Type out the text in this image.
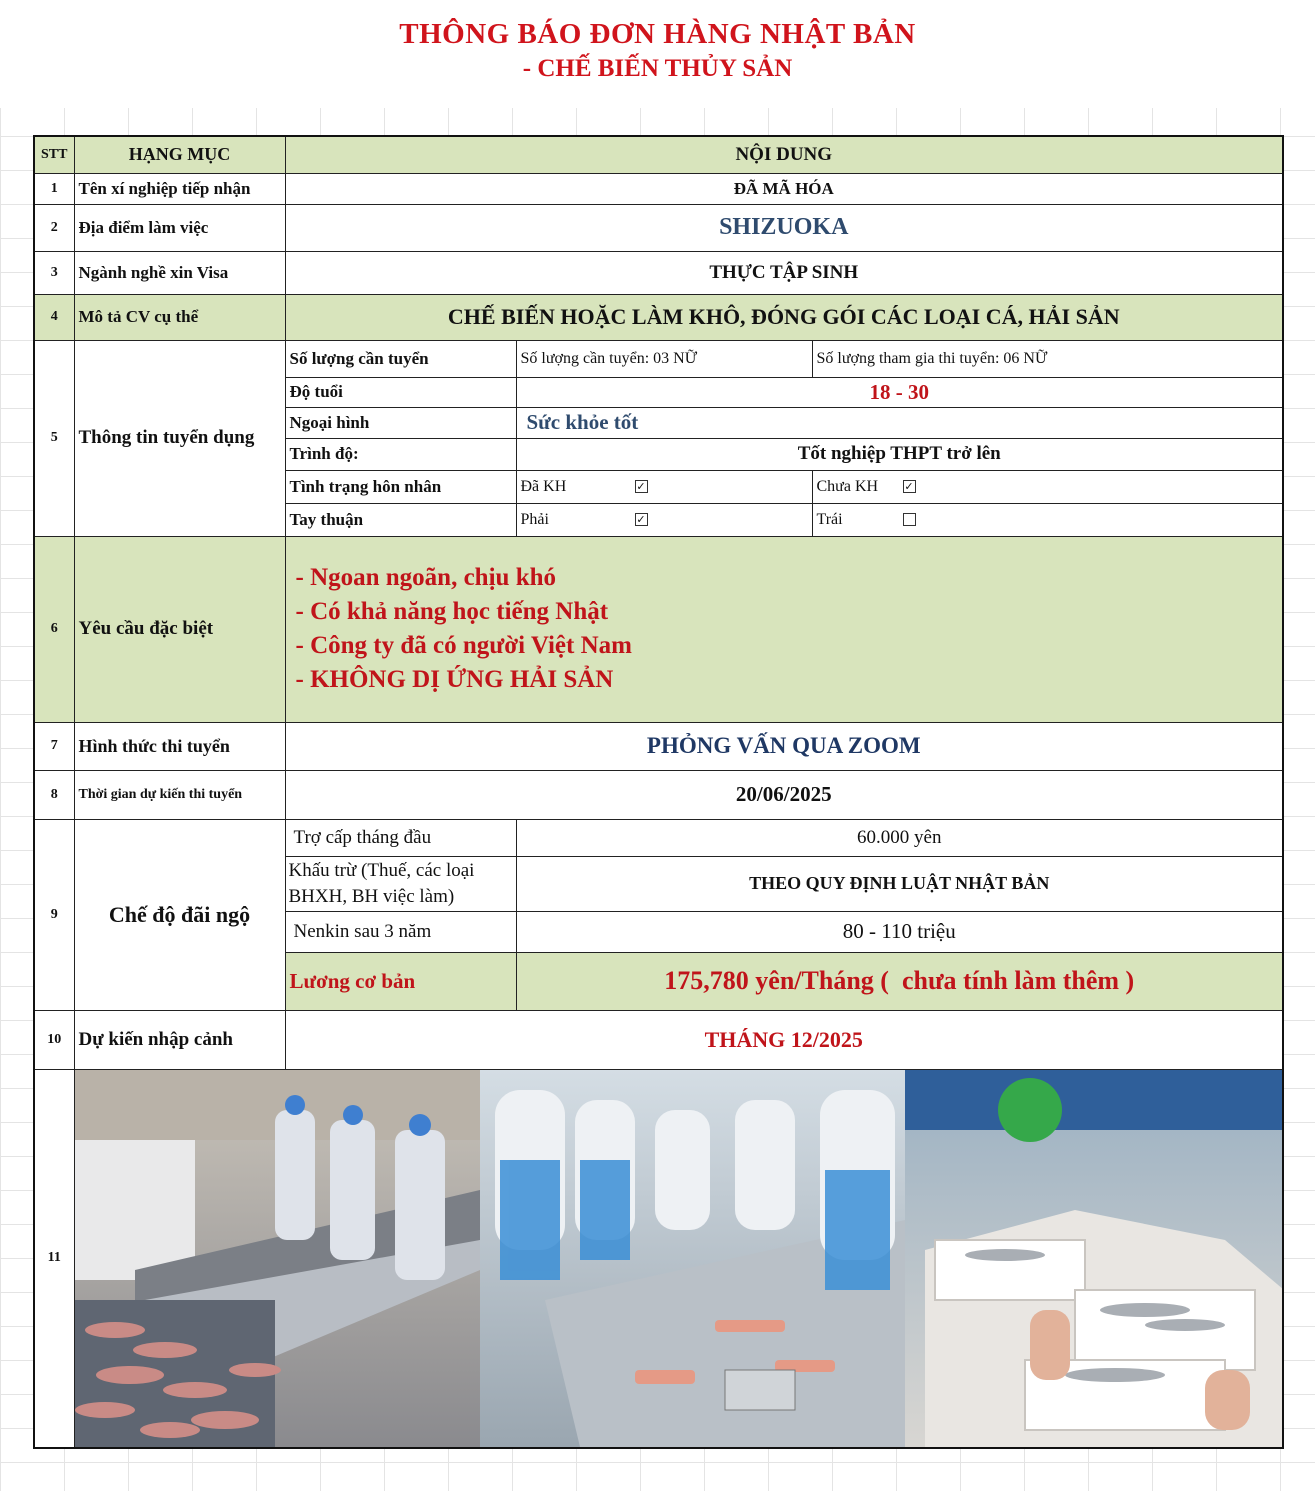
THÔNG BÁO ĐƠN HÀNG NHẬT BẢN
- CHẾ BIẾN THỦY SẢN
STT	HẠNG MỤC	NỘI DUNG		
1	Tên xí nghiệp tiếp nhận	ĐÃ MÃ HÓA		
2	Địa điểm làm việc	SHIZUOKA		
3	Ngành nghề xin Visa	THỰC TẬP SINH		
4	Mô tả CV cụ thể	CHẾ BIẾN HOẶC LÀM KHÔ, ĐÓNG GÓI CÁC LOẠI CÁ, HẢI SẢN		
5	Thông tin tuyển dụng	Số lượng cần tuyển	Số lượng cần tuyển: 03 NỮ	Số lượng tham gia thi tuyển: 06 NỮ
		Độ tuổi	18 - 30	
		Ngoại hình	Sức khỏe tốt	
		Trình độ:	Tốt nghiệp THPT trở lên	
		Tình trạng hôn nhân	Đã KH ✓	Chưa KH ✓
		Tay thuận	Phải ✓	Trái
6	Yêu cầu đặc biệt	- Ngoan ngoãn, chịu khó
- Có khả năng học tiếng Nhật
- Công ty đã có người Việt Nam
- KHÔNG DỊ ỨNG HẢI SẢN		

7	Hình thức thi tuyển	PHỎNG VẤN QUA ZOOM		
8	Thời gian dự kiến thi tuyển	20/06/2025		
9	Chế độ đãi ngộ	Trợ cấp tháng đầu	60.000 yên	
		Khấu trừ (Thuế, các loại BHXH, BH việc làm)	THEO QUY ĐỊNH LUẬT NHẬT BẢN	
		Nenkin sau 3 năm	80 - 110 triệu	
		Lương cơ bản	175,780 yên/Tháng (  chưa tính làm thêm )	
10	Dự kiến nhập cảnh	THÁNG 12/2025		
11	
